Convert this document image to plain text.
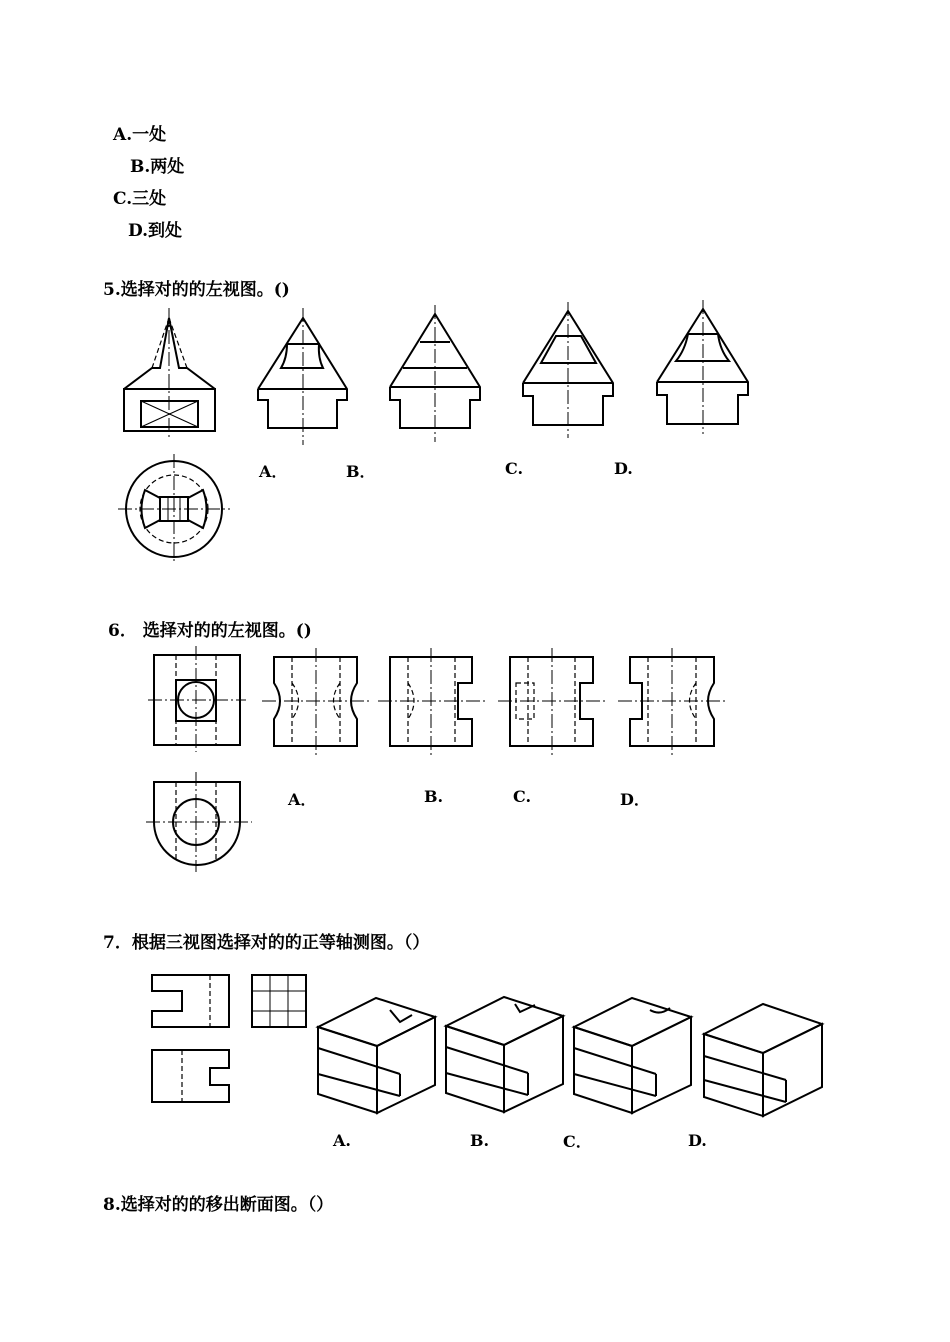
A.一处
B.两处
C.三处
D.到处
5.选择对的的左视图。()
A．	B．	C.	D.
6． 选择对的的左视图。()
A．	B.	C.	D．
7．根据三视图选择对的的正等轴测图。（）
A.	B.	C．	D.
8.选择对的的移出断面图。（）
